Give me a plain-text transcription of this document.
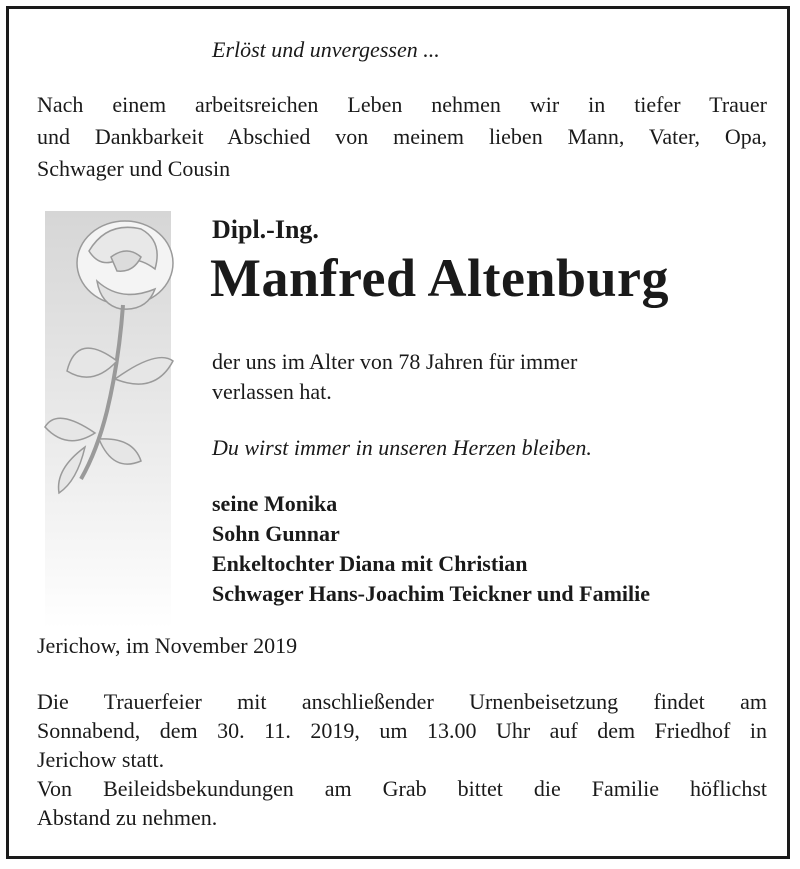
Erlöst und unvergessen ...
Nach einem arbeitsreichen Leben nehmen wir in tiefer Trauer
und Dankbarkeit Abschied von meinem lieben Mann, Vater, Opa,
Schwager und Cousin
Dipl.-Ing.
Manfred Altenburg
der uns im Alter von 78 Jahren für immer
verlassen hat.
Du wirst immer in unseren Herzen bleiben.
seine Monika
Sohn Gunnar
Enkeltochter Diana mit Christian
Schwager Hans-Joachim Teickner und Familie
Jerichow, im November 2019
Die Trauerfeier mit anschließender Urnenbeisetzung findet am
Sonnabend, dem 30. 11. 2019, um 13.00 Uhr auf dem Friedhof in
Jerichow statt.
Von Beileidsbekundungen am Grab bittet die Familie höflichst
Abstand zu nehmen.
